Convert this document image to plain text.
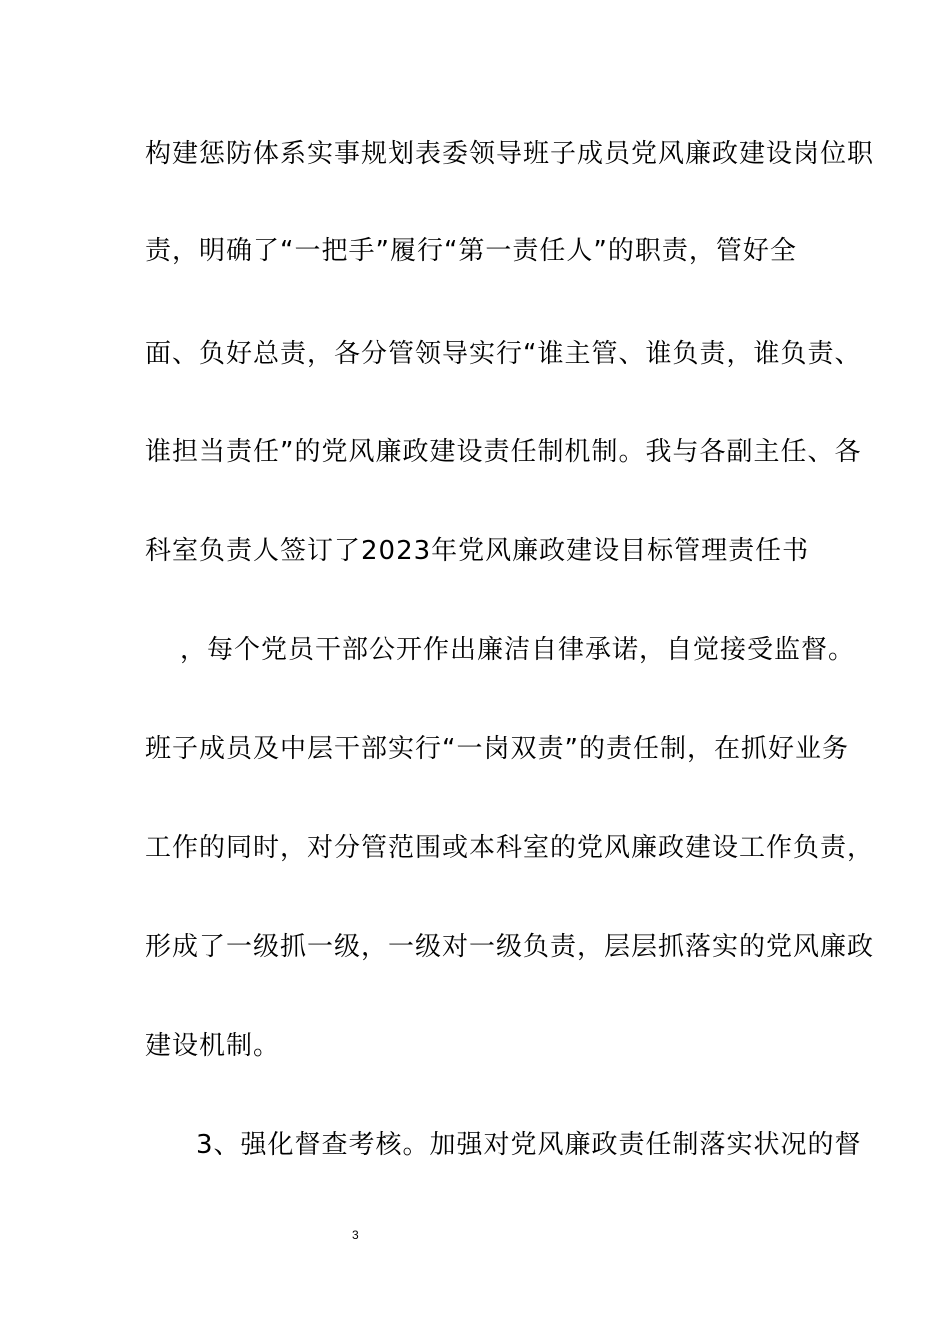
构建惩防体系实事规划表委领导班子成员党风廉政建设岗位职
责，明确了“一把手”履行“第一责任人”的职责，管好全
面、负好总责，各分管领导实行“谁主管、谁负责，谁负责、
谁担当责任”的党风廉政建设责任制机制。我与各副主任、各
科室负责人签订了2023年党风廉政建设目标管理责任书
，每个党员干部公开作出廉洁自律承诺，自觉接受监督。
班子成员及中层干部实行“一岗双责”的责任制，在抓好业务
工作的同时，对分管范围或本科室的党风廉政建设工作负责，
形成了一级抓一级，一级对一级负责，层层抓落实的党风廉政
建设机制。
3、强化督查考核。加强对党风廉政责任制落实状况的督
3
